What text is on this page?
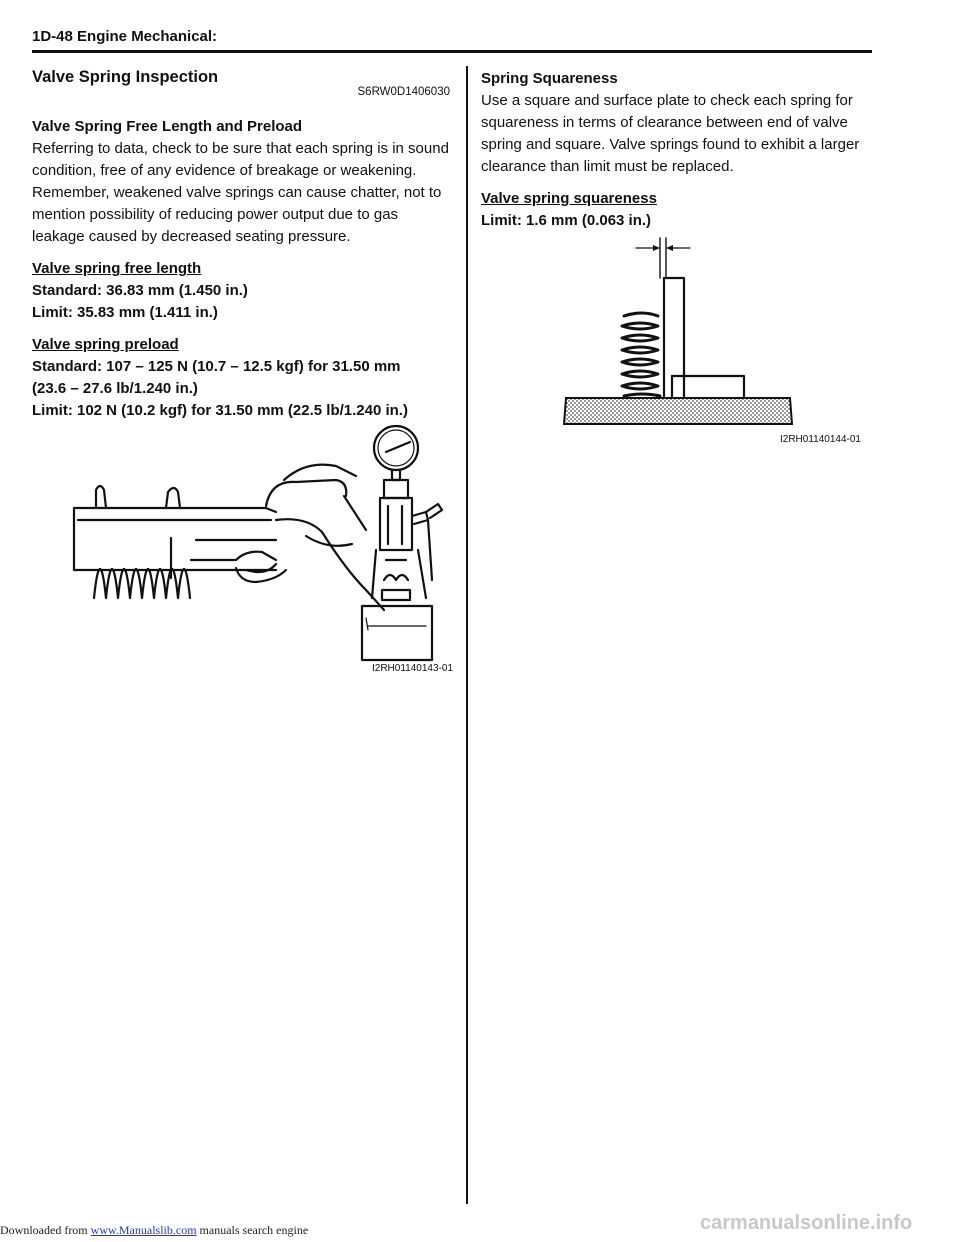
1D-48 Engine Mechanical:
Valve Spring Inspection
S6RW0D1406030

Valve Spring Free Length and Preload

Referring to data, check to be sure that each spring is in sound condition, free of any evidence of breakage or weakening. Remember, weakened valve springs can cause chatter, not to mention possibility of reducing power output due to gas leakage caused by decreased seating pressure.

Valve spring free length
Standard: 36.83 mm (1.450 in.)
Limit: 35.83 mm (1.411 in.)
Valve spring preload
Standard: 107 – 125 N (10.7 – 12.5 kgf) for 31.50 mm
(23.6 – 27.6 lb/1.240 in.)
Limit: 102 N (10.2 kgf) for 31.50 mm (22.5 lb/1.240 in.)
I2RH01140143-01

Spring Squareness

Use a square and surface plate to check each spring for squareness in terms of clearance between end of valve spring and square. Valve springs found to exhibit a larger clearance than limit must be replaced.

Valve spring squareness
Limit: 1.6 mm (0.063 in.)
I2RH01140144-01
Downloaded from www.Manualslib.com manuals search engine	carmanualsonline.info
